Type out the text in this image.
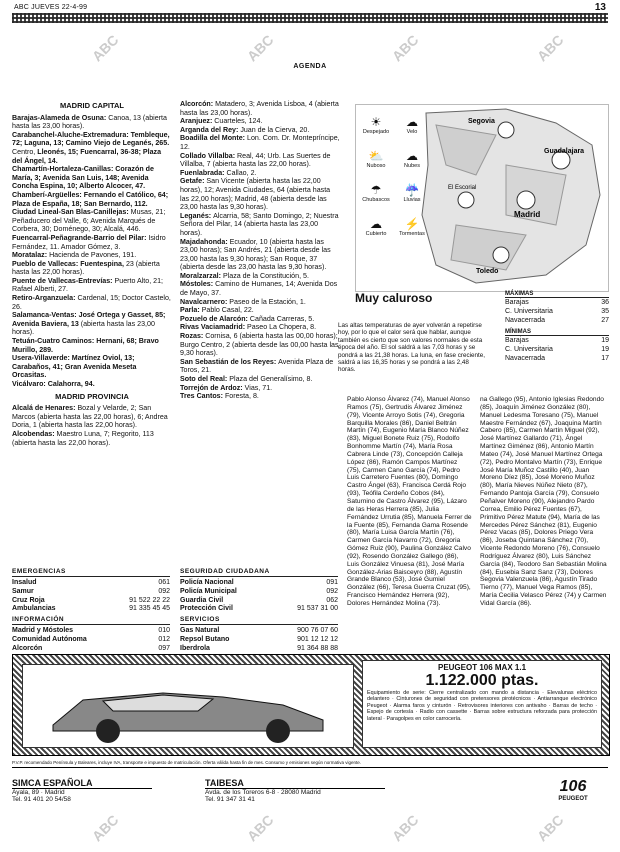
ABC JUEVES 22-4-99	13
AGENDA
ABC	ABC	ABC	ABC
ABC	ABC	ABC	ABC
MADRID CAPITAL

Barajas-Alameda de Osuna: Canoa, 13 (abierta hasta las 23,00 horas).

Carabanchel-Aluche-Extremadura: Tembleque, 72; Laguna, 13; Camino Viejo de Leganés, 265.

Centro, Lleonés, 15; Fuencarral, 36-38; Plaza del Ángel, 14.

Chamartín-Hortaleza-Canillas: Corazón de María, 3; Avenida San Luis, 148; Avenida Concha Espina, 10; Alberto Alcocer, 47.

Chamberí-Argüelles: Fernando el Católico, 64; Plaza de España, 18; San Bernardo, 112.

Ciudad Lineal-San Blas-Canillejas: Musas, 21; Peñaducero del Valle, 6; Avenida Marqués de Corbera, 30; Doménego, 30; Alcalá, 446.

Fuencarral-Peñagrande-Barrio del Pilar: Isidro Fernández, 11. Amador Gómez, 3.

Moratalaz: Hacienda de Pavones, 191.

Pueblo de Vallecas: Fuentespina, 23 (abierta hasta las 22,00 horas).

Puente de Vallecas-Entrevías: Puerto Alto, 21; Rafael Alberti, 27.

Retiro-Arganzuela: Cardenal, 15; Doctor Castelo, 26.

Salamanca-Ventas: José Ortega y Gasset, 85; Avenida Baviera, 13 (abierta hasta las 23,00 horas).

Tetuán-Cuatro Caminos: Hernani, 68; Bravo Murillo, 289.

Usera-Villaverde: Martínez Oviol, 13; Carabaños, 41; Gran Avenida Meseta Orcasitas.

Vicálvaro: Calahorra, 94.

MADRID PROVINCIA

Alcalá de Henares: Bozal y Velarde, 2; San Marcos (abierta hasta las 22,00 horas), 6; Andrea Doria, 1 (abierta hasta las 22,00 horas).

Alcobendas: Maestro Luna, 7; Regorito, 113 (abierta hasta las 22,00 horas).

Alcorcón: Matadero, 3; Avenida Lisboa, 4 (abierta hasta las 23,00 horas).

Aranjuez: Cuarteles, 124.

Arganda del Rey: Juan de la Cierva, 20.

Boadilla del Monte: Lon. Com. Dr. Montepríncipe, 12.

Collado Villalba: Real, 44; Urb. Las Suertes de Villalba, 7 (abierta hasta las 22,00 horas).

Fuenlabrada: Callao, 2.

Getafe: San Vicente (abierta hasta las 22,00 horas), 12; Avenida Ciudades, 64 (abierta hasta las 22,00 horas); Madrid, 48 (abierta desde las 23,00 hasta las 9,30 horas).

Leganés: Alcarria, 58; Santo Domingo, 2; Nuestra Señora del Pilar, 14 (abierta hasta las 23,00 horas).

Majadahonda: Ecuador, 10 (abierta hasta las 23,00 horas); San Andrés, 21 (abierta desde las 23,00 hasta las 9,30 horas); San Roque, 37 (abierta desde las 23,00 hasta las 9,30 horas).

Moralzarzal: Plaza de la Constitución, 5.

Móstoles: Camino de Humanes, 14; Avenida Dos de Mayo, 37.

Navalcarnero: Paseo de la Estación, 1.

Parla: Pablo Casal, 22.

Pozuelo de Alarcón: Cañada Carreras, 5.

Rivas Vaciamadrid: Paseo La Chopera, 8.

Rozas: Cornisa, 6 (abierta hasta las 00,00 horas); Burgo Centro, 2 (abierta desde las 00,00 hasta las 9,30 horas).

San Sebastián de los Reyes: Avenida Plaza de Toros, 21.

Soto del Real: Plaza del Generalísimo, 8.

Torrejón de Ardoz: Vias, 71.

Tres Cantos: Foresta, 8.

Segovia
Guadalajara
Madrid
Toledo
El Escorial
☀
Despejado
☁
Velo
⛅
Nuboso
☁
Nubes
☂
Chubascos
☔
Lluvias
☁
Cubierto
⚡
Tormentas
Muy caluroso
Las altas temperaturas de ayer volverán a repetirse hoy, por lo que el calor será que hablar, aunque también es cierto que son valores normales de esta época del año. El sol saldrá a las 7,03 horas y se pondrá a las 21,38 horas. La luna, en fase creciente, saldrá a las 16,35 horas y se pondrá a las 2,48 horas.
MÁXIMAS
Barajas	36
C. Universitaria	35
Navacerrada	27
MÍNIMAS
Barajas	19
C. Universitaria	19
Navacerrada	17
Pablo Alonso Álvarez (74), Manuel Alonso Ramos (75), Gertrudis Álvarez Jiménez (79), Vicente Arroyo Sotis (74), Gregoria Barquilla Morales (86), Daniel Beltrán Martín (74), Eugenio María Blanco Núñez (83), Miguel Bonete Ruiz (75), Rodolfo Bonhomme Martín (74), María Rosa Cabrera Linde (73), Concepción Calleja López (86), Ramón Campos Martínez (75), Carmen Cano García (74), Pedro Luis Carretero Fuentes (80), Domingo Castro Ángel (63), Francisca Cerdá Rojo (93), Teófila Cerdeño Cobos (84), Saturnino de Castro Álvarez (95), Lázaro de las Heras Herrera (85), Julia Fernández Urrutia (85), Manuela Ferrer de la Fuente (85), Fernanda Gama Rosende (80), María Luisa García Martín (76), Carmen García Navarro (72), Gregoria Gómez Ruiz (90), Paulina González Calvo (92), Rosendo González Gallego (86), Luis González Vinuesa (81), José María González-Arias Baisceyro (88), Agustín Grande Blanco (53), José Gumiel González (66), Teresa Guerra Cruzat (95), Francisco Hernández Herrera (92), Dolores Hernández Molina (73).
na Gallego (95), Antonio Iglesias Redondo (85), Joaquín Jiménez González (80), Manuel Ledesma Toresano (75), Manuel Maestre Fernández (67), Joaquina Martín Cabero (85), Carmen Martín Miguel (92), José Martínez Gallardo (71), Ángel Martínez Giménez (86), Antonio Martín Mateo (74), José Manuel Martínez Ortega (72), Pedro Montalvo Martín (73), Enrique José María Muñoz Castillo (40), Juan Moreno Díez (85), José Moreno Muñoz (80), María Nieves Núñez Nieto (87), Fernando Pantoja García (79), Consuelo Peñalver Moreno (90), Alejandro Pardo Correa, Emilio Pérez Fuentes (67), Primitivo Pérez Matute (94), María de las Mercedes Pérez Sánchez (81), Eugenio Pérez Vacas (85), Dolores Priego Vera (86), Joseba Quintana Sánchez (70), Vicente Redondo Moreno (76), Consuelo Rodríguez Álvarez (80), Luis Sánchez García (84), Teodoro San Sebastián Molina (84), Eusebia Sanz Sanz (73), Dolores Segovia Valenzuela (86), Agustín Tirado Tierno (77), Manuel Vega Ramos (85), María Cecilia Velasco Pérez (74) y Carmen Vidal García (86).
EMERGENCIAS
Insalud	061
Samur	092
Cruz Roja	91 522 22 22
Ambulancias	91 335 45 45
SEGURIDAD CIUDADANA
Policía Nacional	091
Policía Municipal	092
Guardia Civil	062
Protección Civil	91 537 31 00
INFORMACIÓN
Madrid y Móstoles	010
Comunidad Autónoma	012
Alcorcón	097
SERVICIOS
Gas Natural	900 76 07 60
Repsol Butano	901 12 12 12
Iberdrola	91 364 88 88
PEUGEOT 106 MAX 1.1
1.122.000 ptas.
Equipamiento de serie: Cierre centralizado con mando a distancia · Elevalunas eléctrico delantero · Cinturones de seguridad con pretensores pirotécnicos · Antiarranque electrónico Peugeot · Alarma faros y cinturón · Retrovisores interiores con antivaho · Barras de techo · Espejo de cortesía · Radio con cassette · Barras sobre estructura reforzada para protección lateral · Paragolpes en color carrocería.
P.V.P. recomendado Península y Baleares, incluye IVA, transporte e impuesto de matriculación. Oferta válida hasta fin de mes. Consumo y emisiones según normativa vigente.
SIMCA ESPAÑOLA
Ayala, 89 · Madrid
Tel. 91 401 20 54/58
TAIBESA
Avda. de los Toreros 6-8 · 28080 Madrid
Tel. 91 347 31 41
106
PEUGEOT
